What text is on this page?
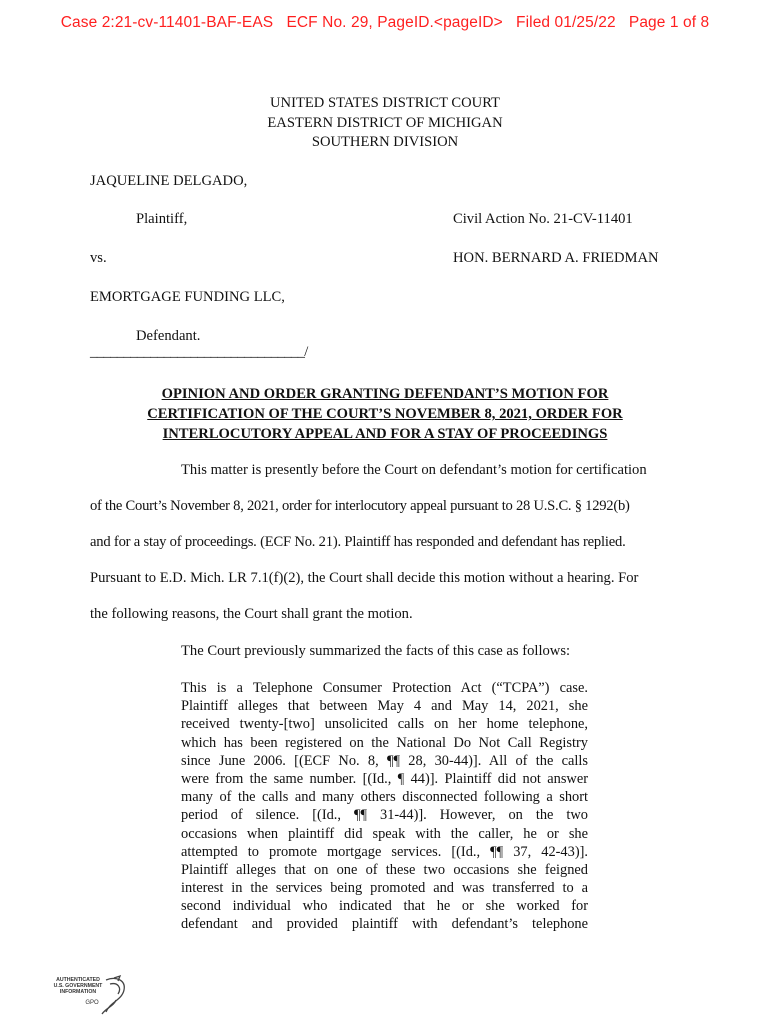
Case 2:21-cv-11401-BAF-EAS   ECF No. 29, PageID.<pageID>   Filed 01/25/22   Page 1 of 8
UNITED STATES DISTRICT COURT
EASTERN DISTRICT OF MICHIGAN
SOUTHERN DIVISION
JAQUELINE DELGADO,
Plaintiff,	Civil Action No. 21-CV-11401
vs.	HON. BERNARD A. FRIEDMAN
EMORTGAGE FUNDING LLC,
Defendant.
________________________________/
OPINION AND ORDER GRANTING DEFENDANT’S MOTION FOR
CERTIFICATION OF THE COURT’S NOVEMBER 8, 2021, ORDER FOR
INTERLOCUTORY APPEAL AND FOR A STAY OF PROCEEDINGS
This matter is presently before the Court on defendant’s motion for certification
of the Court’s November 8, 2021, order for interlocutory appeal pursuant to 28 U.S.C. § 1292(b)
and for a stay of proceedings. (ECF No. 21). Plaintiff has responded and defendant has replied.
Pursuant to E.D. Mich. LR 7.1(f)(2), the Court shall decide this motion without a hearing. For
the following reasons, the Court shall grant the motion.
The Court previously summarized the facts of this case as follows:
This is a Telephone Consumer Protection Act (“TCPA”) case.
Plaintiff alleges that between May 4 and May 14, 2021, she
received twenty-[two] unsolicited calls on her home telephone,
which has been registered on the National Do Not Call Registry
since June 2006. [(ECF No. 8, ¶¶ 28, 30-44)]. All of the calls
were from the same number. [(Id., ¶ 44)]. Plaintiff did not answer
many of the calls and many others disconnected following a short
period of silence. [(Id., ¶¶ 31-44)]. However, on the two
occasions when plaintiff did speak with the caller, he or she
attempted to promote mortgage services. [(Id., ¶¶ 37, 42-43)].
Plaintiff alleges that on one of these two occasions she feigned
interest in the services being promoted and was transferred to a
second individual who indicated that he or she worked for
defendant and provided plaintiff with defendant’s telephone
AUTHENTICATED
U.S. GOVERNMENT
INFORMATION
GPO
